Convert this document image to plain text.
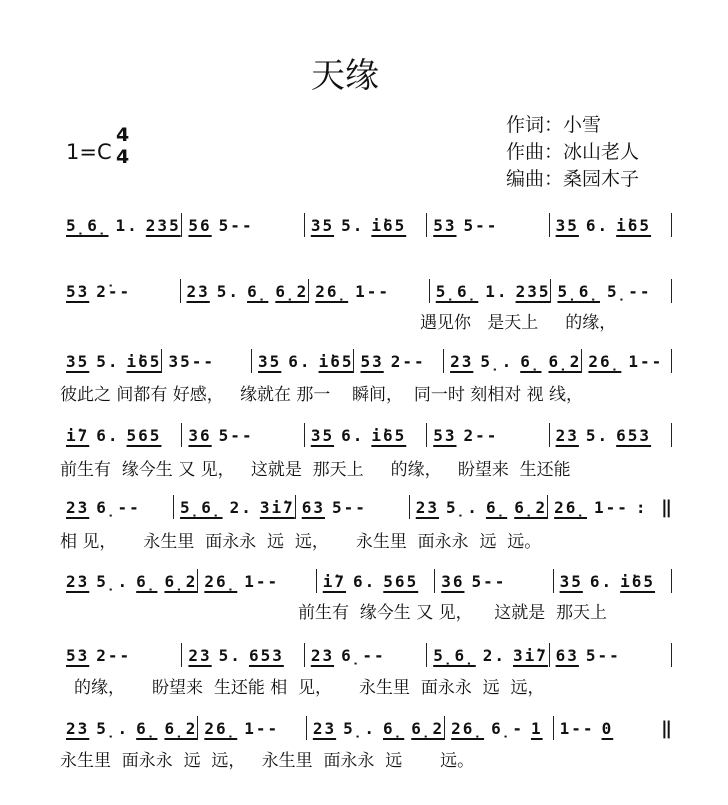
天缘
1=C
4
4
作词：小雪
作曲：冰山老人
编曲：桑园木子
5̣6̣ 1. 235 56 5--	35 5. i̇65 53 5--	35 6. i̇65
53 2̇--	23 5. 6̣ 6̣2 26̣ 1--	5̣6̣ 1. 235 5̣6̣ 5̣--
35 5. i̇65 35--	35 6. i̇65 53 2-- 23 5̣. 6̣ 6̣2 26̣ 1--
i̇7 6. 565 36 5--	35 6. i̇65 53 2--	23 5. 653
23 6̣-- 5̣6̣ 2. 3i̇7 63 5--	23 5̣. 6̣ 6̣2 26̣ 1-- : ‖
23 5̣. 6̣ 6̣2 26̣ 1--	i̇7 6. 565 36 5--	35 6. i̇65
53 2--	23 5. 653 23 6̣--	5̣6̣ 2. 3i̇7 63 5--
23 5̣. 6̣ 6̣2 26̣ 1-- 23 5̣. 6̣ 6̣2 26̣ 6̣- 1 1-- 0	‖
遇见你   是天上     的缘，
彼此之 间都有 好感，   缘就在 那一    瞬间，  同一时 刻相对 视 线，
前生有  缘今生 又 见，   这就是  那天上     的缘，   盼望来  生还能
相 见，     永生里  面永永  远  远，     永生里  面永永  远  远。
前生有  缘今生 又 见，    这就是  那天上
的缘，     盼望来  生还能 相  见，     永生里  面永永  远  远，
永生里  面永永  远  远，   永生里  面永永  远       远。
